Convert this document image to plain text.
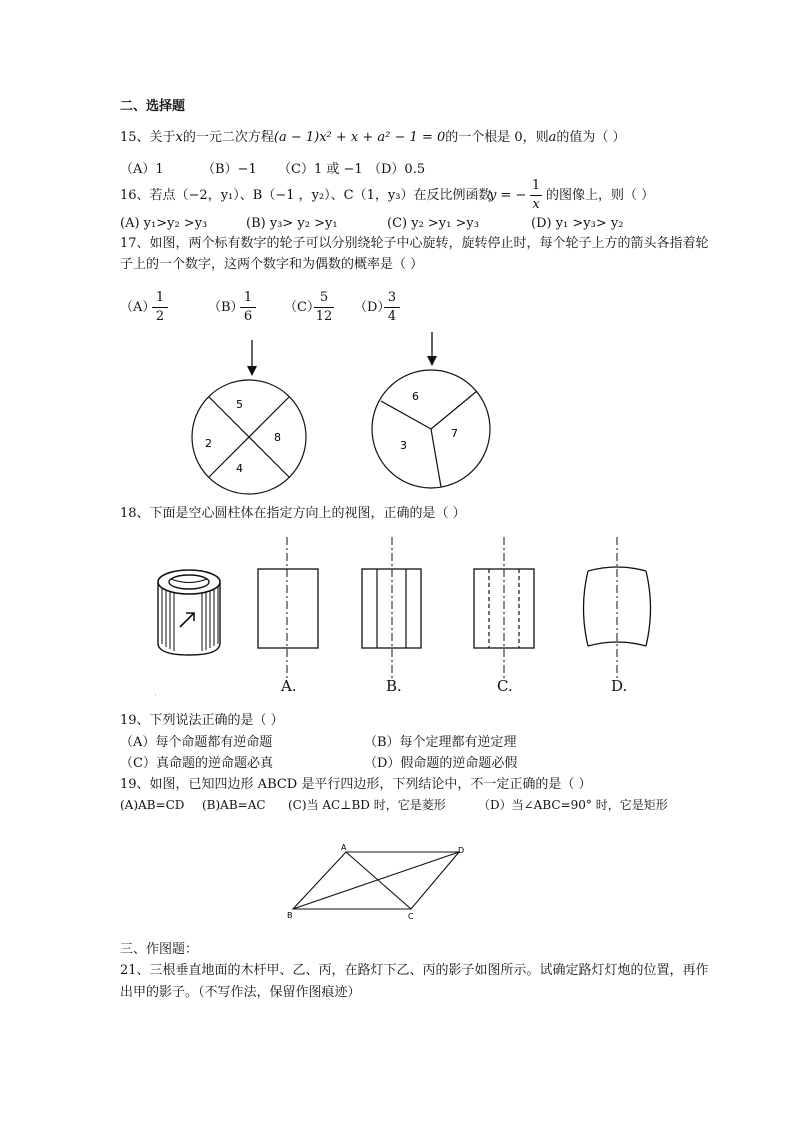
二、选择题
15、关于x的一元二次方程(a − 1)x² + x + a² − 1 = 0的一个根是 0，则a的值为（ ）
（A）1	（B）−1 （C）1 或 −1 （D）0.5
16、若点（−2，y₁）、B（−1 ，y₂）、C（1，y₃）在反比例函数
y = −
1
x
的图像上，则（ ）
(A) y₁>y₂ >y₃	(B) y₃> y₂ >y₁	(C) y₂ >y₁ >y₃	(D) y₁ >y₃> y₂
17、如图，两个标有数字的轮子可以分别绕轮子中心旋转，旋转停止时，每个轮子上方的箭头各指着轮
子上的一个数字，这两个数字和为偶数的概率是（ ）
（A）
1
2
（B）
1
6
（C）
5
12
（D）
3
4
5
8
4
2
6
7
3
18、下面是空心圆柱体在指定方向上的视图，正确的是（ ）
A.	B.	C.	D.
19、下列说法正确的是（ ）
（A）每个命题都有逆命题	（B）每个定理都有逆定理
（C）真命题的逆命题必真	（D）假命题的逆命题必假
19、如图，已知四边形 ABCD 是平行四边形，下列结论中，不一定正确的是（ ）
(A)AB=CD (B)AB=AC (C)当 AC⊥BD 时，它是菱形	（D）当∠ABC=90° 时，它是矩形
A	D
B	C
三、作图题：
21、三根垂直地面的木杆甲、乙、丙，在路灯下乙、丙的影子如图所示。试确定路灯灯炮的位置，再作
出甲的影子。（不写作法，保留作图痕迹）
